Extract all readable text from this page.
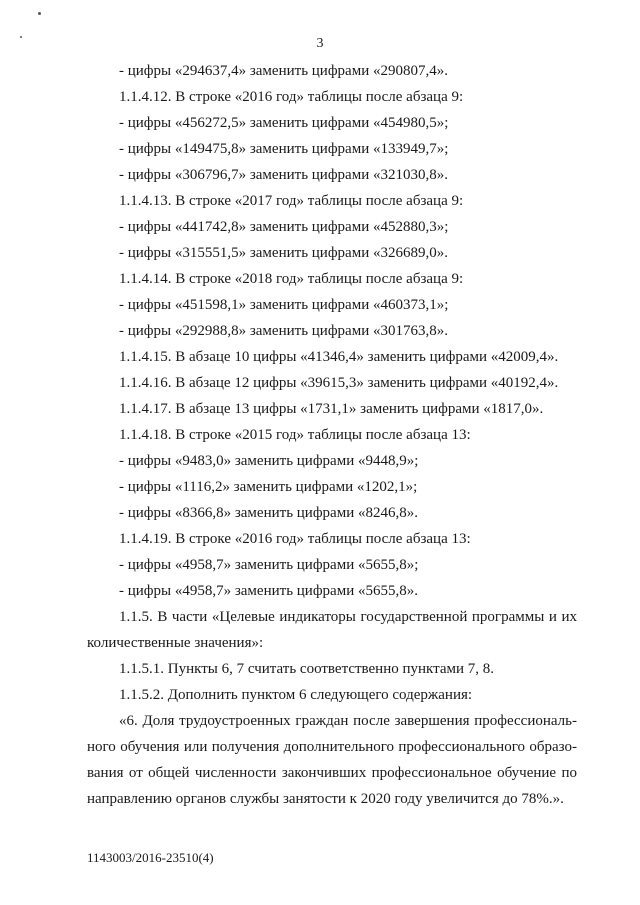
3
- цифры «294637,4» заменить цифрами «290807,4».
1.1.4.12. В строке «2016 год» таблицы после абзаца 9:
- цифры «456272,5» заменить цифрами «454980,5»;
- цифры «149475,8» заменить цифрами «133949,7»;
- цифры «306796,7» заменить цифрами «321030,8».
1.1.4.13. В строке «2017 год» таблицы после абзаца 9:
- цифры «441742,8» заменить цифрами «452880,3»;
- цифры «315551,5» заменить цифрами «326689,0».
1.1.4.14. В строке «2018 год» таблицы после абзаца 9:
- цифры «451598,1» заменить цифрами «460373,1»;
- цифры «292988,8» заменить цифрами «301763,8».
1.1.4.15. В абзаце 10 цифры «41346,4» заменить цифрами «42009,4».
1.1.4.16. В абзаце 12 цифры «39615,3» заменить цифрами «40192,4».
1.1.4.17. В абзаце 13 цифры «1731,1» заменить цифрами «1817,0».
1.1.4.18. В строке «2015 год» таблицы после абзаца 13:
- цифры «9483,0» заменить цифрами «9448,9»;
- цифры «1116,2» заменить цифрами «1202,1»;
- цифры «8366,8» заменить цифрами «8246,8».
1.1.4.19. В строке «2016 год» таблицы после абзаца 13:
- цифры «4958,7» заменить цифрами «5655,8»;
- цифры «4958,7» заменить цифрами «5655,8».
1.1.5. В части «Целевые индикаторы государственной программы и их
количественные значения»:
1.1.5.1. Пункты 6, 7 считать соответственно пунктами 7, 8.
1.1.5.2. Дополнить пунктом 6 следующего содержания:
«6. Доля трудоустроенных граждан после завершения профессиональ-
ного обучения или получения дополнительного профессионального образо-
вания от общей численности закончивших профессиональное обучение по
направлению органов службы занятости к 2020 году увеличится до 78%.».
1143003/2016-23510(4)
